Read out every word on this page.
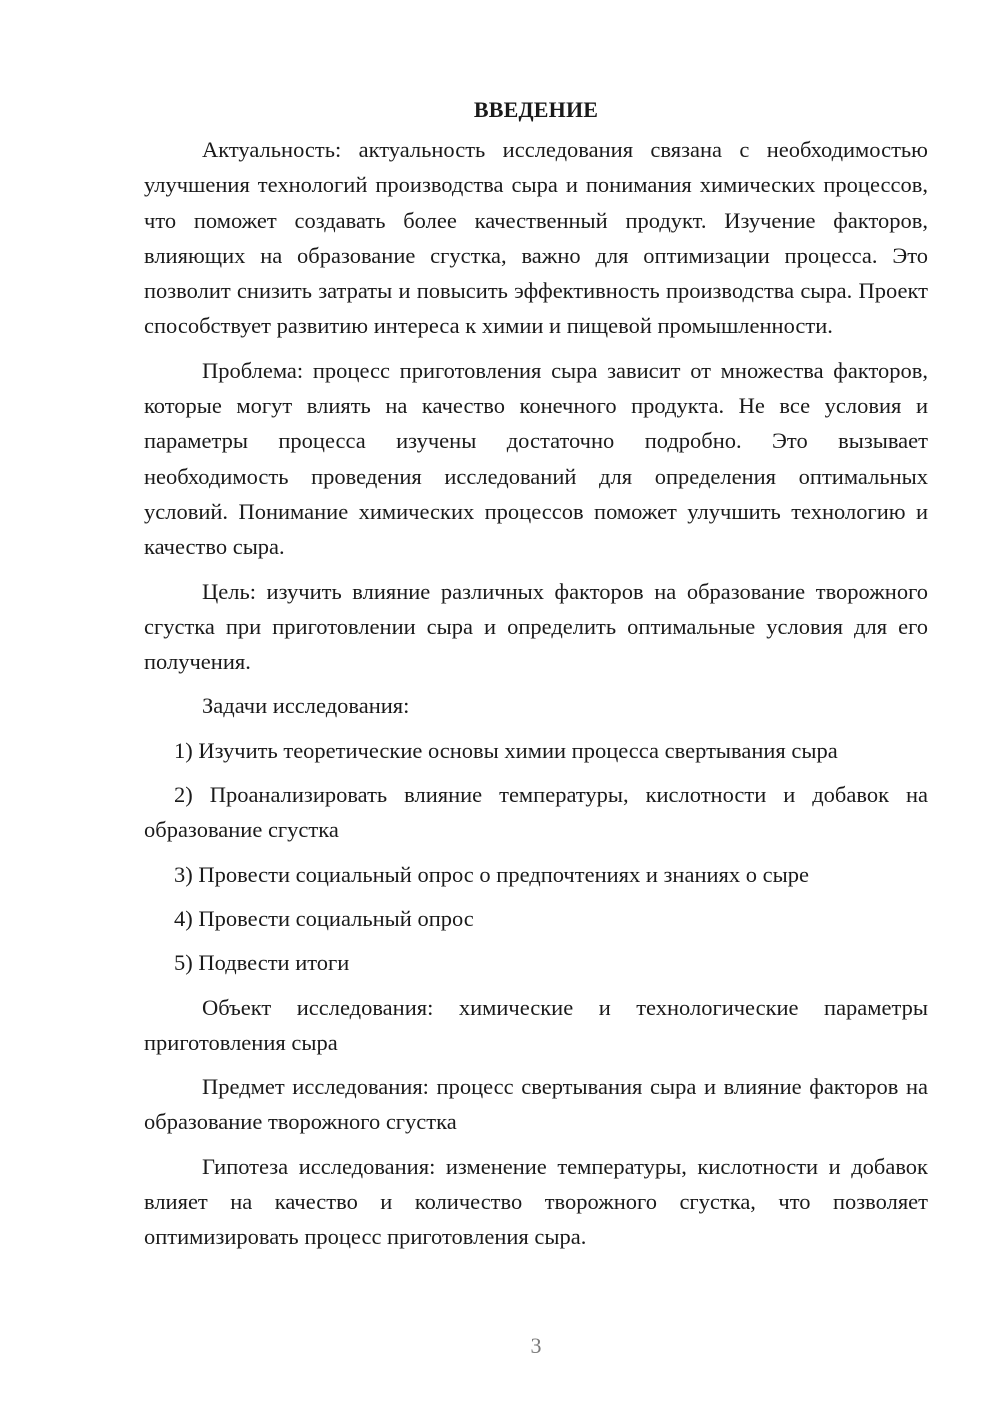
ВВЕДЕНИЕ

Актуальность: актуальность исследования связана с необходимостью улучшения технологий производства сыра и понимания химических процессов, что поможет создавать более качественный продукт. Изучение факторов, влияющих на образование сгустка, важно для оптимизации процесса. Это позволит снизить затраты и повысить эффективность производства сыра. Проект способствует развитию интереса к химии и пищевой промышленности.

Проблема: процесс приготовления сыра зависит от множества факторов, которые могут влиять на качество конечного продукта. Не все условия и параметры процесса изучены достаточно подробно. Это вызывает необходимость проведения исследований для определения оптимальных условий. Понимание химических процессов поможет улучшить технологию и качество сыра.

Цель: изучить влияние различных факторов на образование творожного сгустка при приготовлении сыра и определить оптимальные условия для его получения.

Задачи исследования:

1) Изучить теоретические основы химии процесса свертывания сыра

2) Проанализировать влияние температуры, кислотности и добавок на образование сгустка

3) Провести социальный опрос о предпочтениях и знаниях о сыре

4) Провести социальный опрос

5) Подвести итоги

Объект исследования: химические и технологические параметры приготовления сыра

Предмет исследования: процесс свертывания сыра и влияние факторов на образование творожного сгустка

Гипотеза исследования: изменение температуры, кислотности и добавок влияет на качество и количество творожного сгустка, что позволяет оптимизировать процесс приготовления сыра.

3
